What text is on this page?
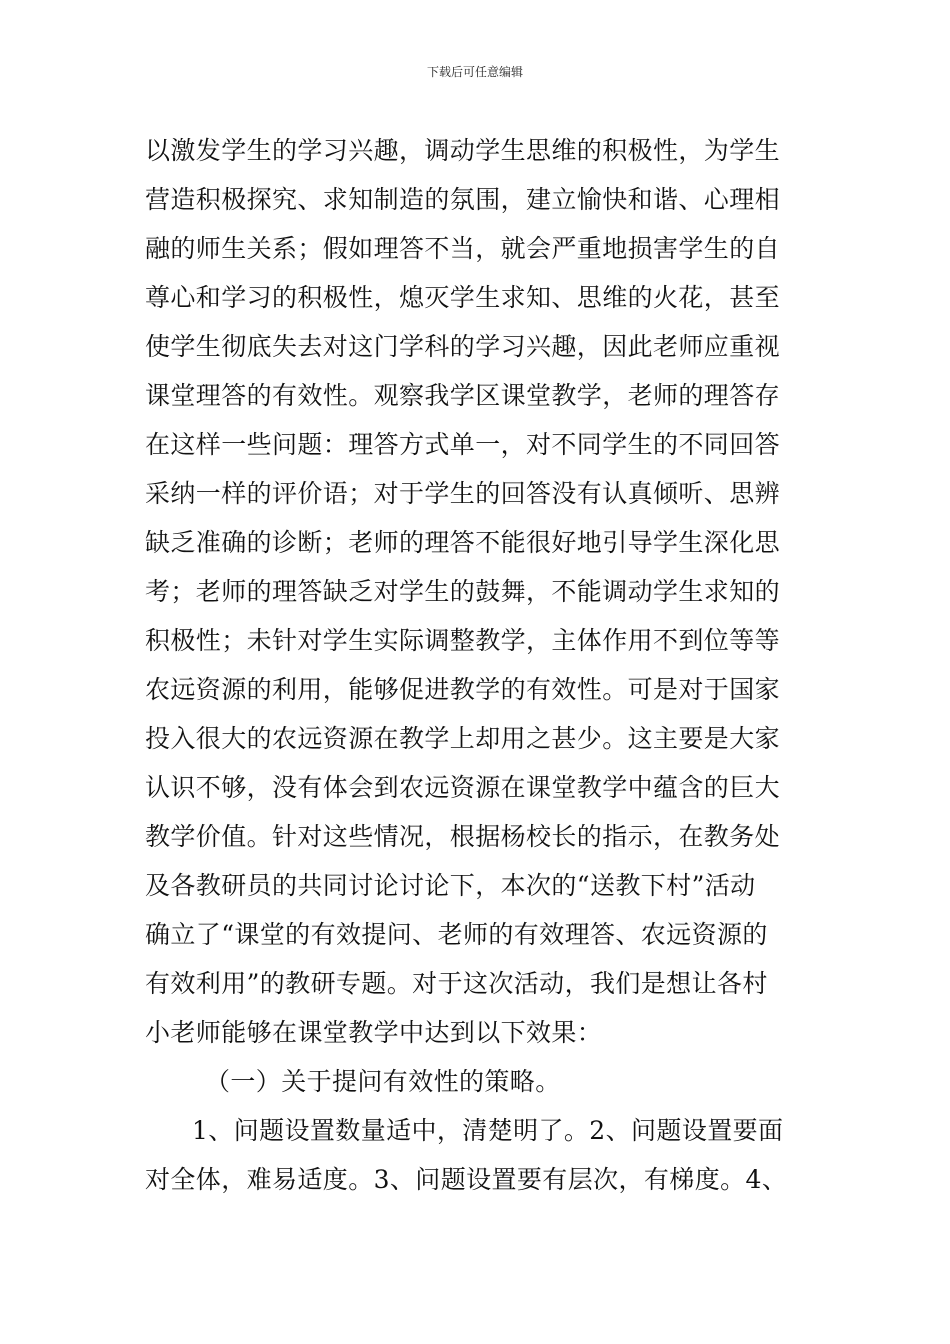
下载后可任意编辑
以激发学生的学习兴趣，调动学生思维的积极性，为学生
营造积极探究、求知制造的氛围，建立愉快和谐、心理相
融的师生关系；假如理答不当，就会严重地损害学生的自
尊心和学习的积极性，熄灭学生求知、思维的火花，甚至
使学生彻底失去对这门学科的学习兴趣，因此老师应重视
课堂理答的有效性。观察我学区课堂教学，老师的理答存
在这样一些问题：理答方式单一，对不同学生的不同回答
采纳一样的评价语；对于学生的回答没有认真倾听、思辨
缺乏准确的诊断；老师的理答不能很好地引导学生深化思
考；老师的理答缺乏对学生的鼓舞，不能调动学生求知的
积极性；未针对学生实际调整教学，主体作用不到位等等
农远资源的利用，能够促进教学的有效性。可是对于国家
投入很大的农远资源在教学上却用之甚少。这主要是大家
认识不够，没有体会到农远资源在课堂教学中蕴含的巨大
教学价值。针对这些情况，根据杨校长的指示，在教务处
及各教研员的共同讨论讨论下，本次的“送教下村”活动
确立了“课堂的有效提问、老师的有效理答、农远资源的
有效利用”的教研专题。对于这次活动，我们是想让各村
小老师能够在课堂教学中达到以下效果：
（一）关于提问有效性的策略。
1、问题设置数量适中，清楚明了。2、问题设置要面
对全体，难易适度。3、问题设置要有层次，有梯度。4、
